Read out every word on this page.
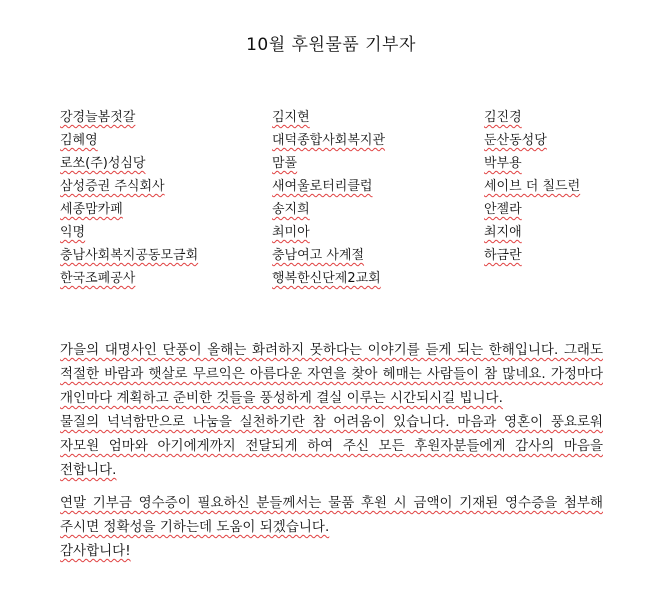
10월 후원물품 기부자
강경늘봄젓갈	김지현	김진경
김혜영	대덕종합사회복지관	둔산동성당
로쏘(주)성심당	맘풀	박부용
삼성증권 주식회사	새여울로터리클럽	세이브 더 칠드런
세종맘카페	송지희	안젤라
익명	최미아	최지애
충남사회복지공동모금회	충남여고 사계절	하금란
한국조폐공사	행복한신단제2교회

가을의 대명사인 단풍이 올해는 화려하지 못하다는 이야기를 듣게 되는 한해입니다. 그래도 적절한 바람과 햇살로 무르익은 아름다운 자연을 찾아 헤매는 사람들이 참 많네요. 가정마다 개인마다 계획하고 준비한 것들을 풍성하게 결실 이루는 시간되시길 빕니다.

물질의 넉넉함만으로 나눔을 실천하기란 참 어려움이 있습니다. 마음과 영혼이 풍요로워 자모원 엄마와 아기에게까지 전달되게 하여 주신 모든 후원자분들에게 감사의 마음을 전합니다.

연말 기부금 영수증이 필요하신 분들께서는 물품 후원 시 금액이 기재된 영수증을 첨부해 주시면 정확성을 기하는데 도움이 되겠습니다.

감사합니다!
